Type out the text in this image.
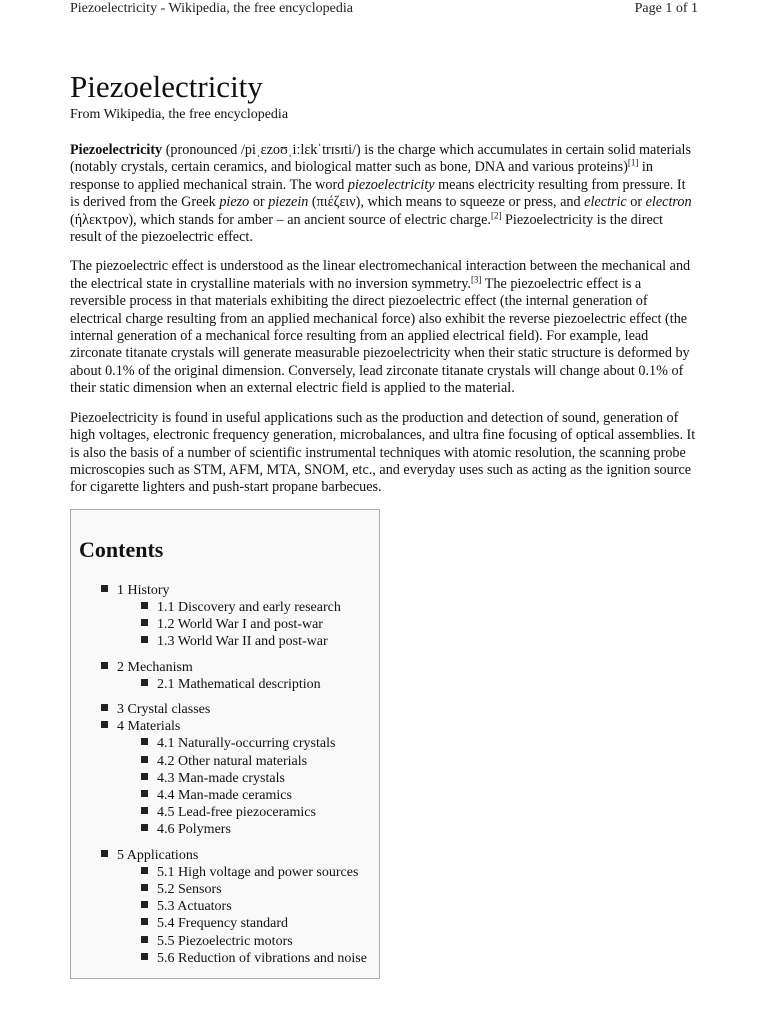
Piezoelectricity - Wikipedia, the free encyclopedia	Page 1 of 1
Piezoelectricity
From Wikipedia, the free encyclopedia

Piezoelectricity (pronounced /piˌɛzoʊˌiːlɛkˈtrɪsɪti/) is the charge which accumulates in certain solid materials (notably crystals, certain ceramics, and biological matter such as bone, DNA and various proteins)[1] in response to applied mechanical strain. The word piezoelectricity means electricity resulting from pressure. It is derived from the Greek piezo or piezein (πιέζειν), which means to squeeze or press, and electric or electron (ήλεκτρον), which stands for amber – an ancient source of electric charge.[2] Piezoelectricity is the direct result of the piezoelectric effect.

The piezoelectric effect is understood as the linear electromechanical interaction between the mechanical and the electrical state in crystalline materials with no inversion symmetry.[3] The piezoelectric effect is a reversible process in that materials exhibiting the direct piezoelectric effect (the internal generation of electrical charge resulting from an applied mechanical force) also exhibit the reverse piezoelectric effect (the internal generation of a mechanical force resulting from an applied electrical field). For example, lead zirconate titanate crystals will generate measurable piezoelectricity when their static structure is deformed by about 0.1% of the original dimension. Conversely, lead zirconate titanate crystals will change about 0.1% of their static dimension when an external electric field is applied to the material.

Piezoelectricity is found in useful applications such as the production and detection of sound, generation of high voltages, electronic frequency generation, microbalances, and ultra fine focusing of optical assemblies. It is also the basis of a number of scientific instrumental techniques with atomic resolution, the scanning probe microscopies such as STM, AFM, MTA, SNOM, etc., and everyday uses such as acting as the ignition source for cigarette lighters and push-start propane barbecues.

Contents
1 History
1.1 Discovery and early research
1.2 World War I and post-war
1.3 World War II and post-war
2 Mechanism
2.1 Mathematical description
3 Crystal classes
4 Materials
4.1 Naturally-occurring crystals
4.2 Other natural materials
4.3 Man-made crystals
4.4 Man-made ceramics
4.5 Lead-free piezoceramics
4.6 Polymers
5 Applications
5.1 High voltage and power sources
5.2 Sensors
5.3 Actuators
5.4 Frequency standard
5.5 Piezoelectric motors
5.6 Reduction of vibrations and noise
